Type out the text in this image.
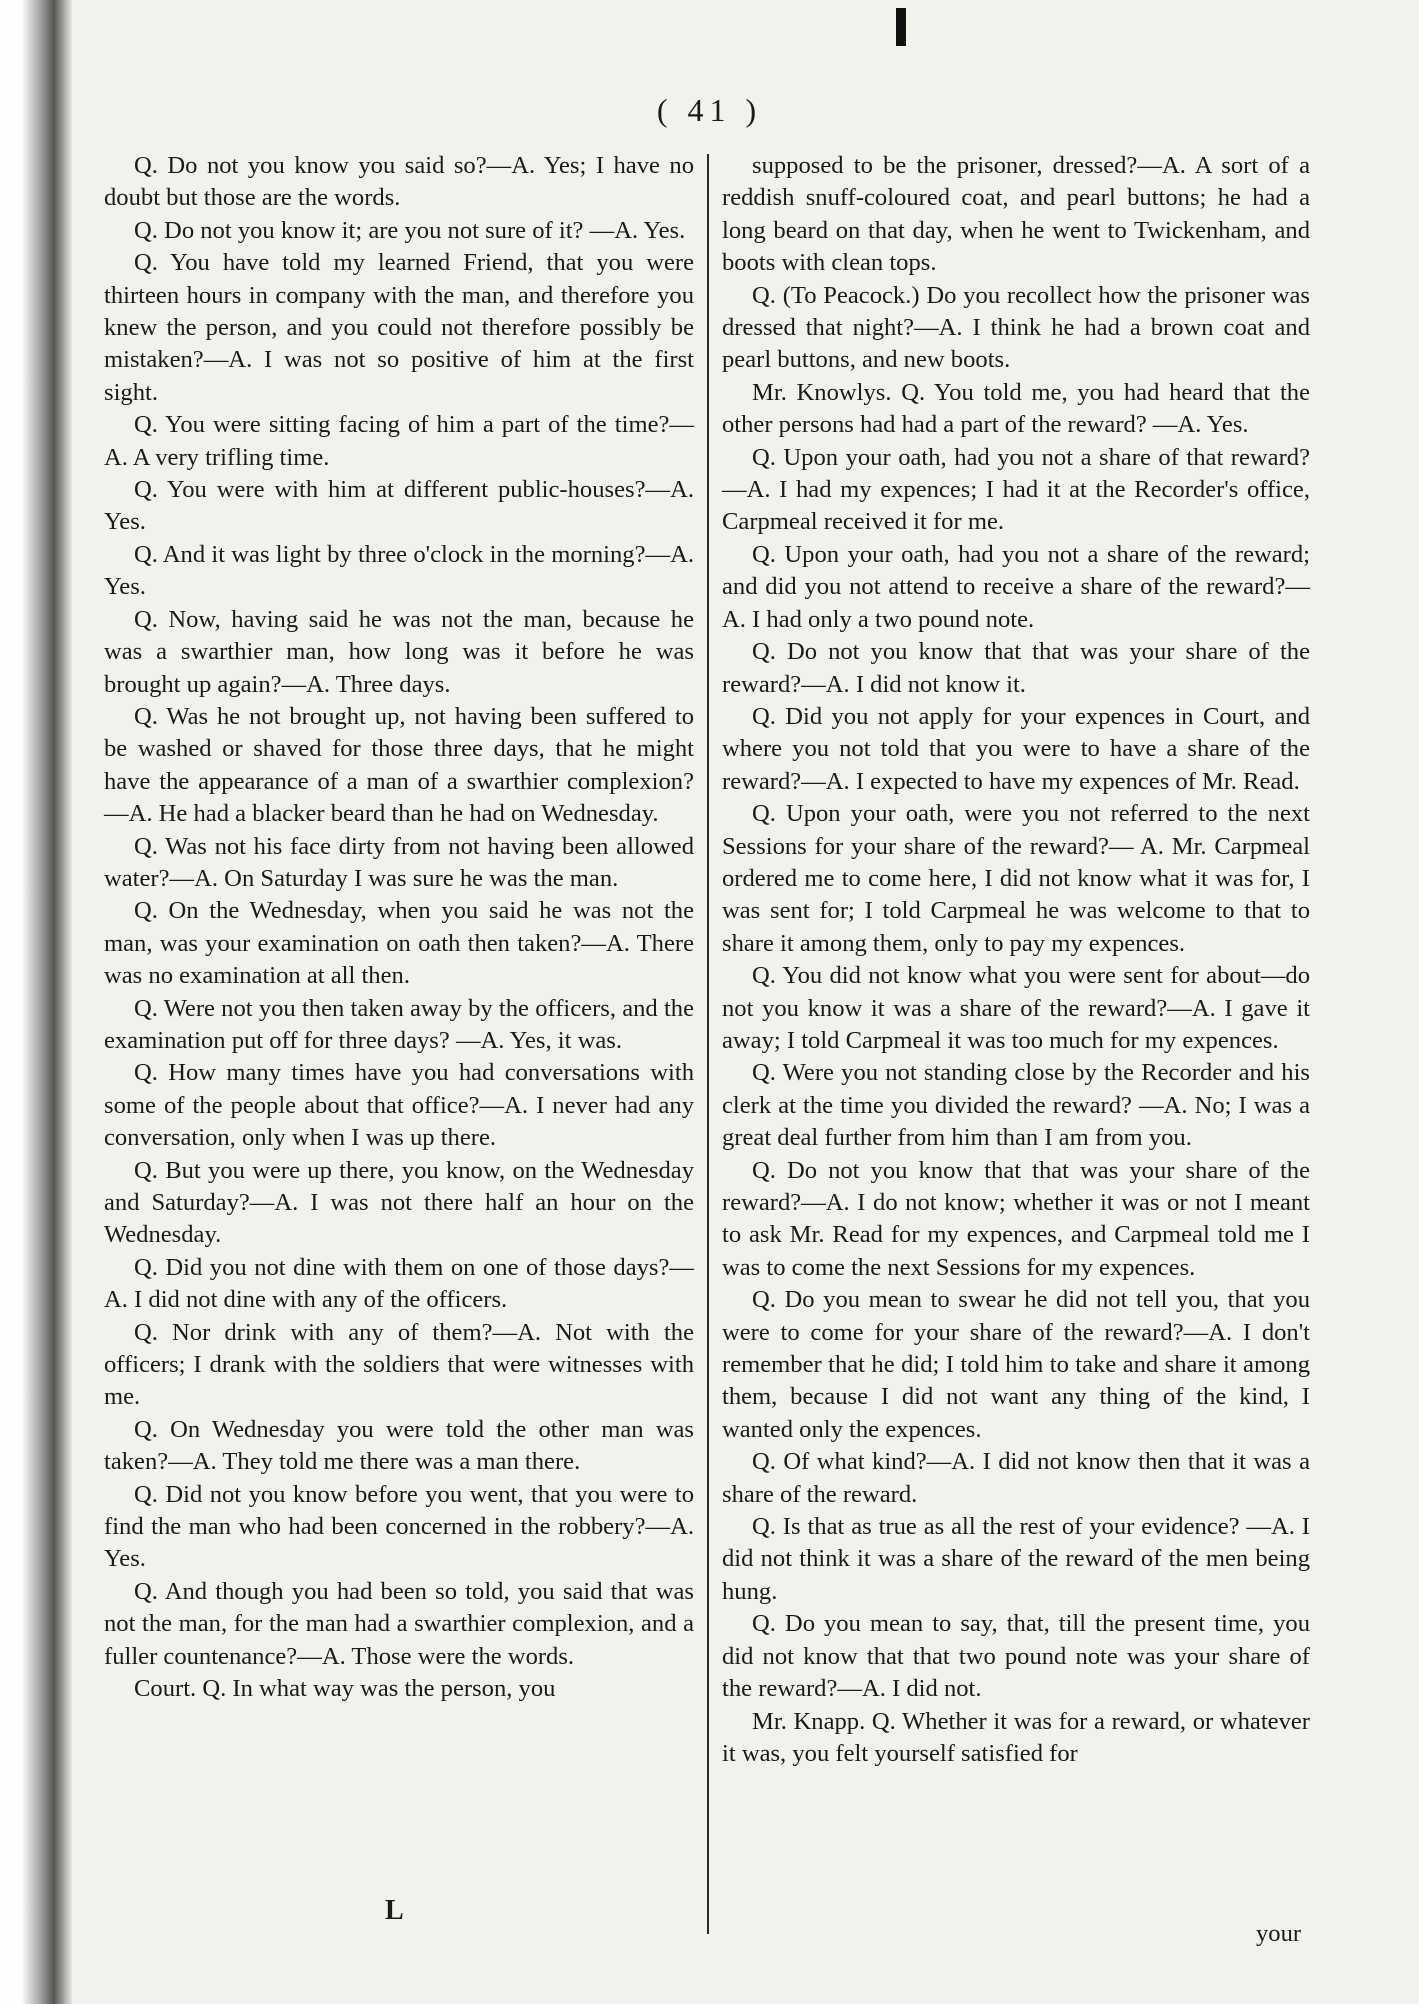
( 41 )

Q. Do not you know you said so?—A. Yes; I have no doubt but those are the words.

Q. Do not you know it; are you not sure of it? —A. Yes.

Q. You have told my learned Friend, that you were thirteen hours in company with the man, and therefore you knew the person, and you could not therefore possibly be mistaken?—A. I was not so positive of him at the first sight.

Q. You were sitting facing of him a part of the time?—A. A very trifling time.

Q. You were with him at different public-houses?—A. Yes.

Q. And it was light by three o'clock in the morning?—A. Yes.

Q. Now, having said he was not the man, because he was a swarthier man, how long was it before he was brought up again?—A. Three days.

Q. Was he not brought up, not having been suffered to be washed or shaved for those three days, that he might have the appearance of a man of a swarthier complexion?—A. He had a blacker beard than he had on Wednesday.

Q. Was not his face dirty from not having been allowed water?—A. On Saturday I was sure he was the man.

Q. On the Wednesday, when you said he was not the man, was your examination on oath then taken?—A. There was no examination at all then.

Q. Were not you then taken away by the officers, and the examination put off for three days? —A. Yes, it was.

Q. How many times have you had conversations with some of the people about that office?—A. I never had any conversation, only when I was up there.

Q. But you were up there, you know, on the Wednesday and Saturday?—A. I was not there half an hour on the Wednesday.

Q. Did you not dine with them on one of those days?—A. I did not dine with any of the officers.

Q. Nor drink with any of them?—A. Not with the officers; I drank with the soldiers that were witnesses with me.

Q. On Wednesday you were told the other man was taken?—A. They told me there was a man there.

Q. Did not you know before you went, that you were to find the man who had been concerned in the robbery?—A. Yes.

Q. And though you had been so told, you said that was not the man, for the man had a swarthier complexion, and a fuller countenance?—A. Those were the words.

Court. Q. In what way was the person, you

supposed to be the prisoner, dressed?—A. A sort of a reddish snuff-coloured coat, and pearl buttons; he had a long beard on that day, when he went to Twickenham, and boots with clean tops.

Q. (To Peacock.) Do you recollect how the prisoner was dressed that night?—A. I think he had a brown coat and pearl buttons, and new boots.

Mr. Knowlys. Q. You told me, you had heard that the other persons had had a part of the reward? —A. Yes.

Q. Upon your oath, had you not a share of that reward?—A. I had my expences; I had it at the Recorder's office, Carpmeal received it for me.

Q. Upon your oath, had you not a share of the reward; and did you not attend to receive a share of the reward?—A. I had only a two pound note.

Q. Do not you know that that was your share of the reward?—A. I did not know it.

Q. Did you not apply for your expences in Court, and where you not told that you were to have a share of the reward?—A. I expected to have my expences of Mr. Read.

Q. Upon your oath, were you not referred to the next Sessions for your share of the reward?— A. Mr. Carpmeal ordered me to come here, I did not know what it was for, I was sent for; I told Carpmeal he was welcome to that to share it among them, only to pay my expences.

Q. You did not know what you were sent for about—do not you know it was a share of the reward?—A. I gave it away; I told Carpmeal it was too much for my expences.

Q. Were you not standing close by the Recorder and his clerk at the time you divided the reward? —A. No; I was a great deal further from him than I am from you.

Q. Do not you know that that was your share of the reward?—A. I do not know; whether it was or not I meant to ask Mr. Read for my expences, and Carpmeal told me I was to come the next Sessions for my expences.

Q. Do you mean to swear he did not tell you, that you were to come for your share of the reward?—A. I don't remember that he did; I told him to take and share it among them, because I did not want any thing of the kind, I wanted only the expences.

Q. Of what kind?—A. I did not know then that it was a share of the reward.

Q. Is that as true as all the rest of your evidence? —A. I did not think it was a share of the reward of the men being hung.

Q. Do you mean to say, that, till the present time, you did not know that that two pound note was your share of the reward?—A. I did not.

Mr. Knapp. Q. Whether it was for a reward, or whatever it was, you felt yourself satisfied for

L
your
